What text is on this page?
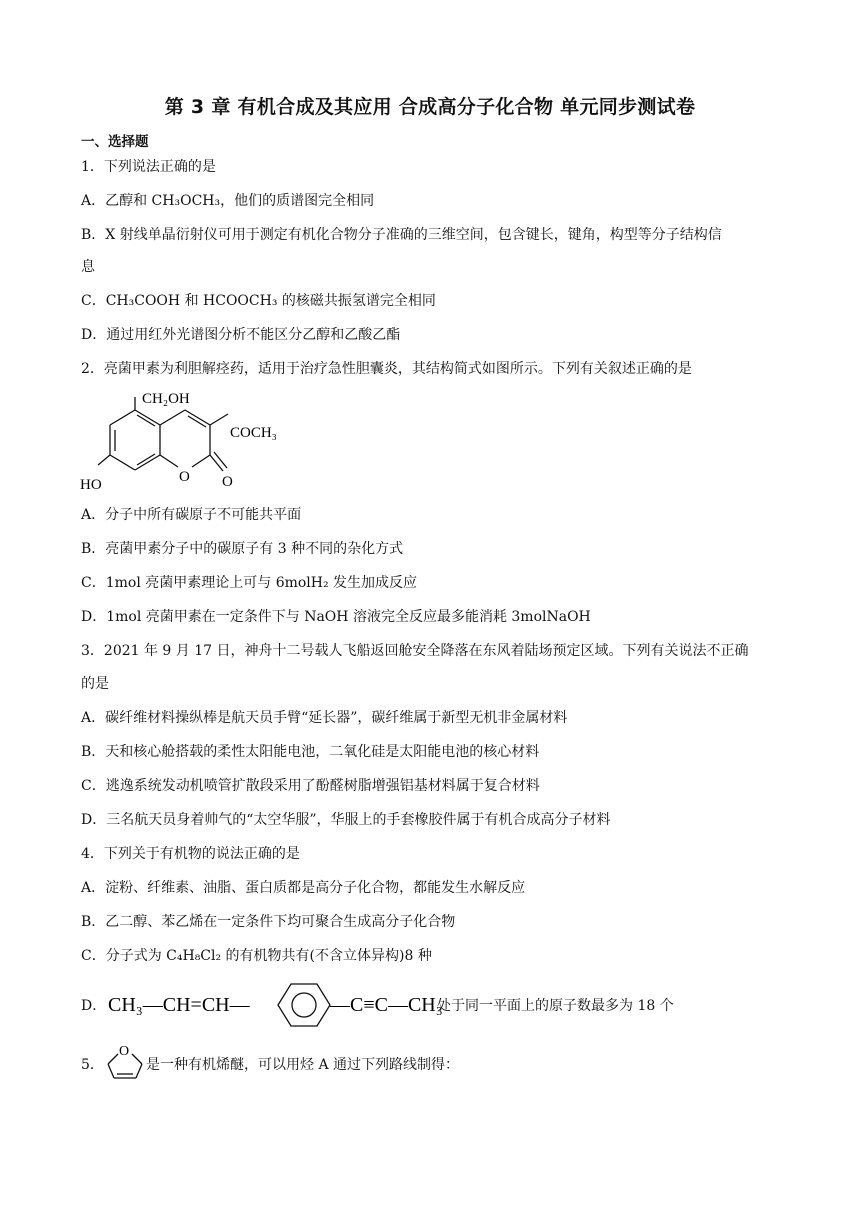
第 3 章 有机合成及其应用 合成高分子化合物 单元同步测试卷
一、选择题
1．下列说法正确的是
A．乙醇和 CH₃OCH₃，他们的质谱图完全相同
B．X 射线单晶衍射仪可用于测定有机化合物分子准确的三维空间，包含键长，键角，构型等分子结构信
息
C．CH₃COOH 和 HCOOCH₃ 的核磁共振氢谱完全相同
D．通过用红外光谱图分析不能区分乙醇和乙酸乙酯
2．亮菌甲素为利胆解痉药，适用于治疗急性胆囊炎，其结构简式如图所示。下列有关叙述正确的是
CH₂OH
COCH₃
HO	O O
A．分子中所有碳原子不可能共平面
B．亮菌甲素分子中的碳原子有 3 种不同的杂化方式
C．1mol 亮菌甲素理论上可与 6molH₂ 发生加成反应
D．1mol 亮菌甲素在一定条件下与 NaOH 溶液完全反应最多能消耗 3molNaOH
3．2021 年 9 月 17 日，神舟十二号载人飞船返回舱安全降落在东风着陆场预定区域。下列有关说法不正确
的是
A．碳纤维材料操纵棒是航天员手臂“延长器”，碳纤维属于新型无机非金属材料
B．天和核心舱搭载的柔性太阳能电池，二氧化硅是太阳能电池的核心材料
C．逃逸系统发动机喷管扩散段采用了酚醛树脂增强铝基材料属于复合材料
D．三名航天员身着帅气的“太空华服”，华服上的手套橡胶件属于有机合成高分子材料
4．下列关于有机物的说法正确的是
A．淀粉、纤维素、油脂、蛋白质都是高分子化合物，都能发生水解反应
B．乙二醇、苯乙烯在一定条件下均可聚合生成高分子化合物
C．分子式为 C₄H₈Cl₂ 的有机物共有(不含立体异构)8 种
D． CH₃—CH=CH—	—C≡C—CH₃
处于同一平面上的原子数最多为 18 个
5．
O
是一种有机烯醚，可以用烃 A 通过下列路线制得：
